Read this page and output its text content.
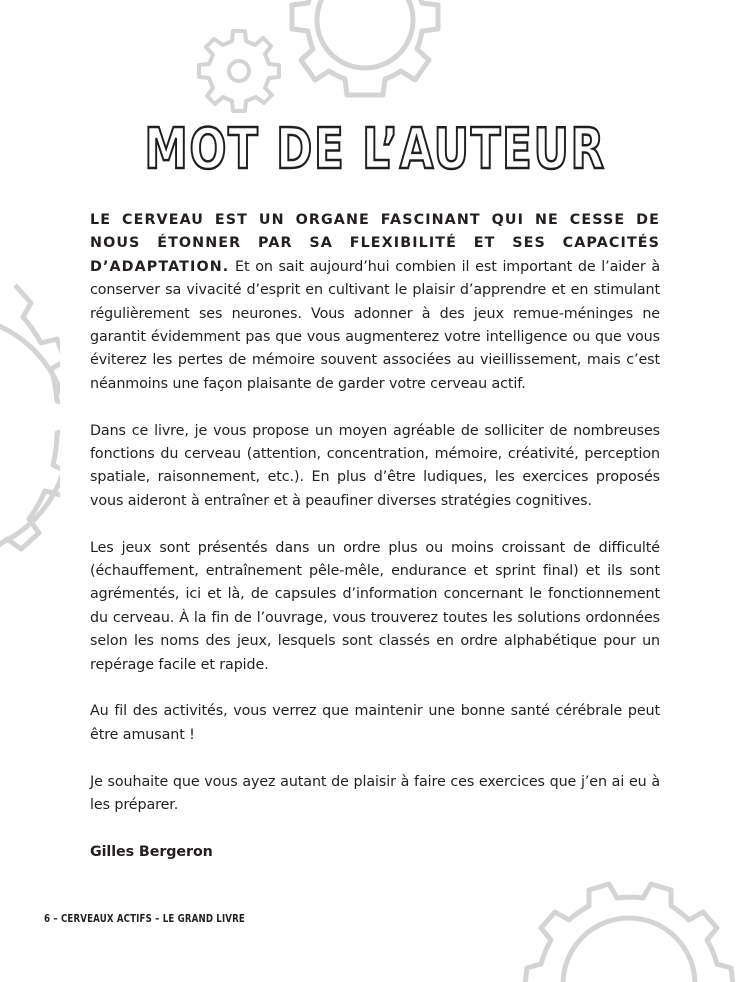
MOT DE L’AUTEUR

LE CERVEAU EST UN ORGANE FASCINANT QUI NE CESSE DE NOUS ÉTONNER PAR SA FLEXIBILITÉ ET SES CAPACITÉS D’ADAPTATION. Et on sait aujourd’hui combien il est important de l’aider à conserver sa vivacité d’esprit en cultivant le plaisir d’apprendre et en stimulant régulièrement ses neurones. Vous adonner à des jeux remue-méninges ne garantit évidemment pas que vous augmenterez votre intelligence ou que vous éviterez les pertes de mémoire souvent associées au vieillissement, mais c’est néanmoins une façon plaisante de garder votre cerveau actif.

Dans ce livre, je vous propose un moyen agréable de solliciter de nombreuses fonctions du cerveau (attention, concentration, mémoire, créativité, perception spatiale, raisonnement, etc.). En plus d’être ludiques, les exercices proposés vous aideront à entraîner et à peaufiner diverses stratégies cognitives.

Les jeux sont présentés dans un ordre plus ou moins croissant de difficulté (échauffement, entraînement pêle-mêle, endurance et sprint final) et ils sont agrémentés, ici et là, de capsules d’information concernant le fonctionnement du cerveau. À la fin de l’ouvrage, vous trouverez toutes les solutions ordonnées selon les noms des jeux, lesquels sont classés en ordre alphabétique pour un repérage facile et rapide.

Au fil des activités, vous verrez que maintenir une bonne santé cérébrale peut être amusant !

Je souhaite que vous ayez autant de plaisir à faire ces exercices que j’en ai eu à les préparer.

Gilles Bergeron

6 – CERVEAUX ACTIFS – LE GRAND LIVRE
